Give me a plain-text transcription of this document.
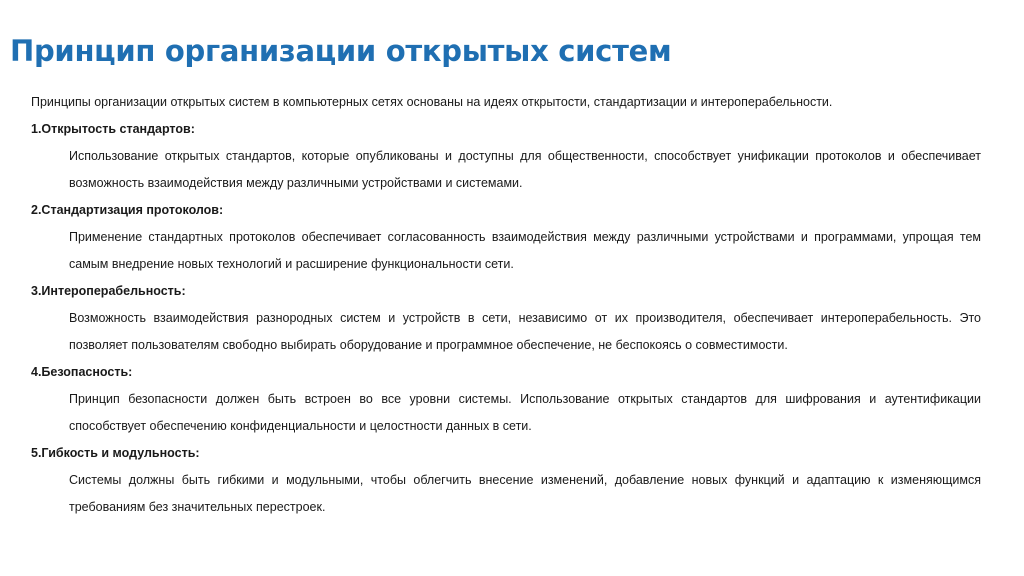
Принцип организации открытых систем

Принципы организации открытых систем в компьютерных сетях основаны на идеях открытости, стандартизации и интероперабельности.

1.Открытость стандартов:

Использование открытых стандартов, которые опубликованы и доступны для общественности, способствует унификации протоколов и обеспечивает возможность взаимодействия между различными устройствами и системами.

2.Стандартизация протоколов:

Применение стандартных протоколов обеспечивает согласованность взаимодействия между различными устройствами и программами, упрощая тем самым внедрение новых технологий и расширение функциональности сети.

3.Интероперабельность:

Возможность взаимодействия разнородных систем и устройств в сети, независимо от их производителя, обеспечивает интероперабельность. Это позволяет пользователям свободно выбирать оборудование и программное обеспечение, не беспокоясь о совместимости.

4.Безопасность:

Принцип безопасности должен быть встроен во все уровни системы. Использование открытых стандартов для шифрования и аутентификации способствует обеспечению конфиденциальности и целостности данных в сети.

5.Гибкость и модульность:

Системы должны быть гибкими и модульными, чтобы облегчить внесение изменений, добавление новых функций и адаптацию к изменяющимся требованиям без значительных перестроек.
